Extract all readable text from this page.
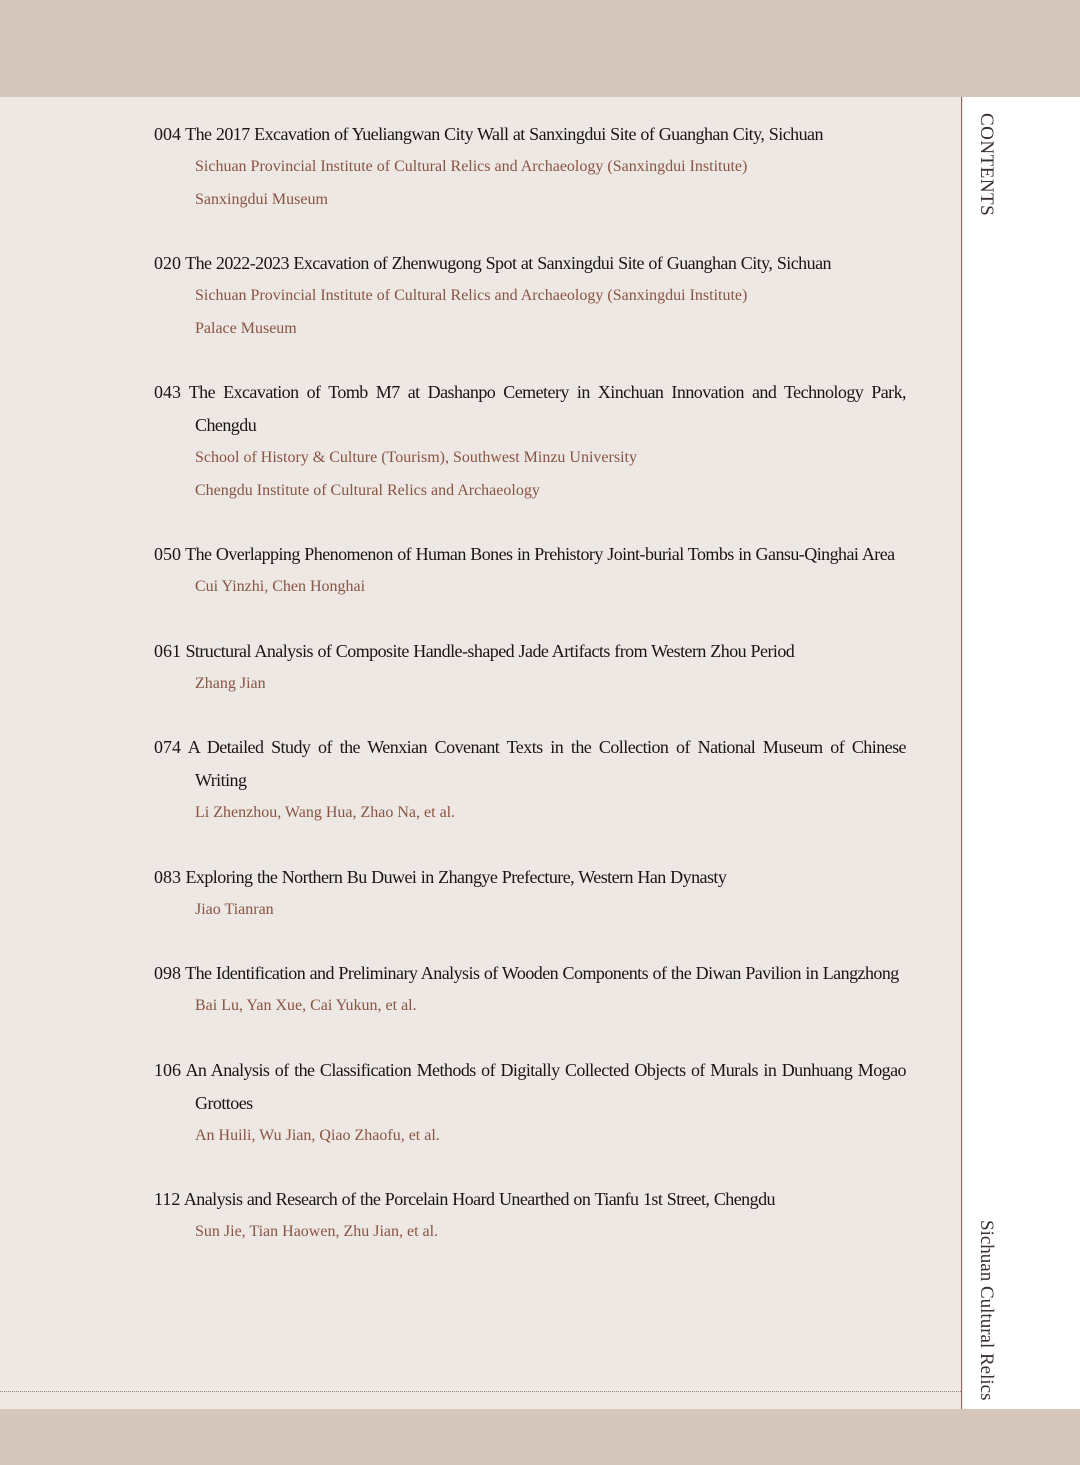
CONTENTS
Sichuan Cultural Relics
004 The 2017 Excavation of Yueliangwan City Wall at Sanxingdui Site of Guanghan City, Sichuan
Sichuan Provincial Institute of Cultural Relics and Archaeology (Sanxingdui Institute)
Sanxingdui Museum
020 The 2022-2023 Excavation of Zhenwugong Spot at Sanxingdui Site of Guanghan City, Sichuan
Sichuan Provincial Institute of Cultural Relics and Archaeology (Sanxingdui Institute)
Palace Museum
043 The Excavation of Tomb M7 at Dashanpo Cemetery in Xinchuan Innovation and Technology Park, Chengdu
School of History & Culture (Tourism), Southwest Minzu University
Chengdu Institute of Cultural Relics and Archaeology
050 The Overlapping Phenomenon of Human Bones in Prehistory Joint-burial Tombs in Gansu-Qinghai Area
Cui Yinzhi, Chen Honghai
061 Structural Analysis of Composite Handle-shaped Jade Artifacts from Western Zhou Period
Zhang Jian
074 A Detailed Study of the Wenxian Covenant Texts in the Collection of National Museum of Chinese Writing
Li Zhenzhou, Wang Hua, Zhao Na, et al.
083 Exploring the Northern Bu Duwei in Zhangye Prefecture, Western Han Dynasty
Jiao Tianran
098 The Identification and Preliminary Analysis of Wooden Components of the Diwan Pavilion in Langzhong
Bai Lu, Yan Xue, Cai Yukun, et al.
106 An Analysis of the Classification Methods of Digitally Collected Objects of Murals in Dunhuang Mogao Grottoes
An Huili, Wu Jian, Qiao Zhaofu, et al.
112 Analysis and Research of the Porcelain Hoard Unearthed on Tianfu 1st Street, Chengdu
Sun Jie, Tian Haowen, Zhu Jian, et al.
